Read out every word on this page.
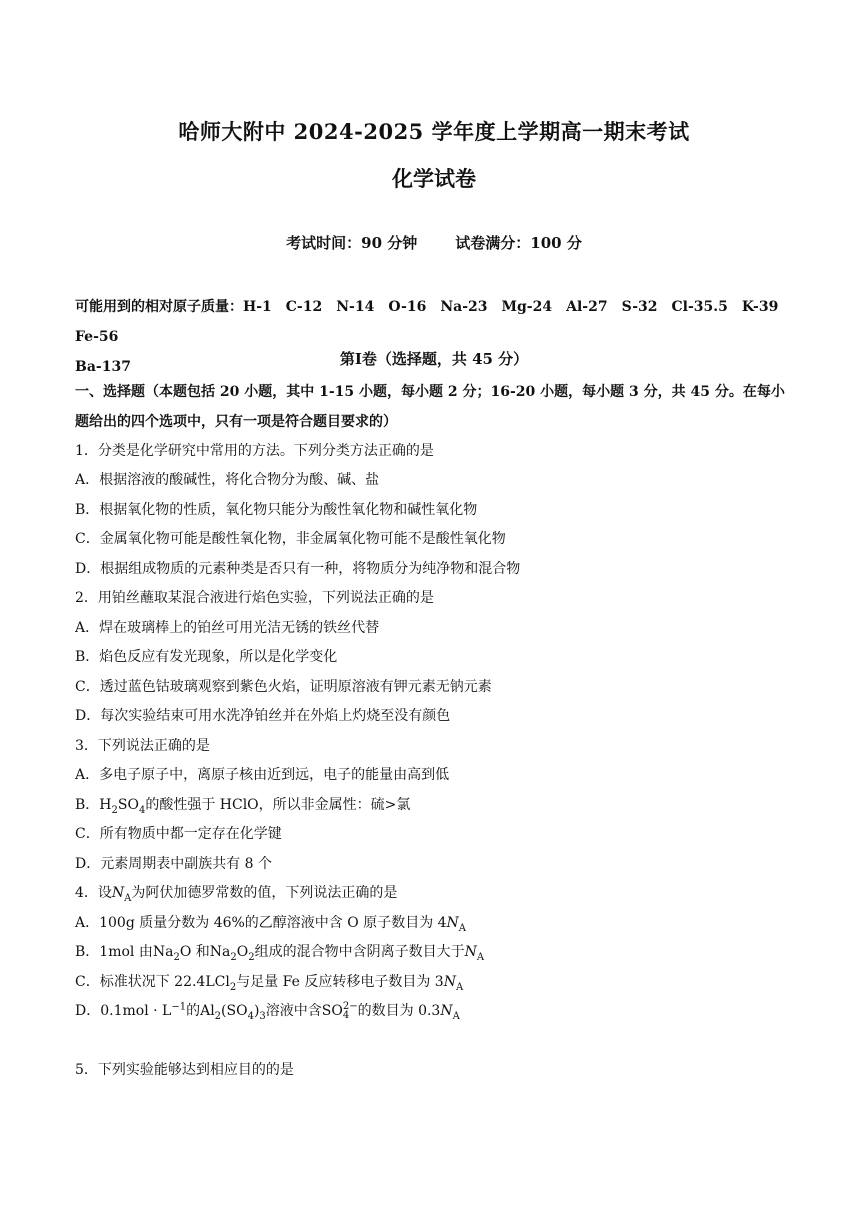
哈师大附中 2024-2025 学年度上学期高一期末考试
化学试卷
考试时间：90 分钟	试卷满分：100 分
可能用到的相对原子质量：H-1 C-12 N-14 O-16 Na-23 Mg-24 Al-27 S-32 Cl-35.5 K-39Fe-56
Ba-137	第Ⅰ卷（选择题，共 45 分）
一、选择题（本题包括 20 小题，其中 1-15 小题，每小题 2 分；16-20 小题，每小题 3 分，共 45 分。在每小题给出的四个选项中，只有一项是符合题目要求的）
1．分类是化学研究中常用的方法。下列分类方法正确的是
A．根据溶液的酸碱性，将化合物分为酸、碱、盐
B．根据氧化物的性质，氧化物只能分为酸性氧化物和碱性氧化物
C．金属氧化物可能是酸性氧化物，非金属氧化物可能不是酸性氧化物
D．根据组成物质的元素种类是否只有一种，将物质分为纯净物和混合物
2．用铂丝蘸取某混合液进行焰色实验，下列说法正确的是
A．焊在玻璃棒上的铂丝可用光洁无锈的铁丝代替
B．焰色反应有发光现象，所以是化学变化
C．透过蓝色钴玻璃观察到紫色火焰，证明原溶液有钾元素无钠元素
D．每次实验结束可用水洗净铂丝并在外焰上灼烧至没有颜色
3．下列说法正确的是
A．多电子原子中，离原子核由近到远，电子的能量由高到低
B．$H_2SO_4$的酸性强于 HClO，所以非金属性：硫>氯
C．所有物质中都一定存在化学键
D．元素周期表中副族共有 8 个
4．设$N_A$为阿伏加德罗常数的值，下列说法正确的是
A．100g 质量分数为 46%的乙醇溶液中含 O 原子数目为 $4N_A$
B．1mol 由$Na_2O$ 和$Na_2O_2$组成的混合物中含阴离子数目大于$N_A$
C．标准状况下 22.4LCl$_2$与足量 Fe 反应转移电子数目为 $3N_A$
D．$0.1mol \cdot L^{-1}$的$Al_2(SO_4)_3$溶液中含SO 2−
4 的数目为 $0.3N_A$
5．下列实验能够达到相应目的的是
